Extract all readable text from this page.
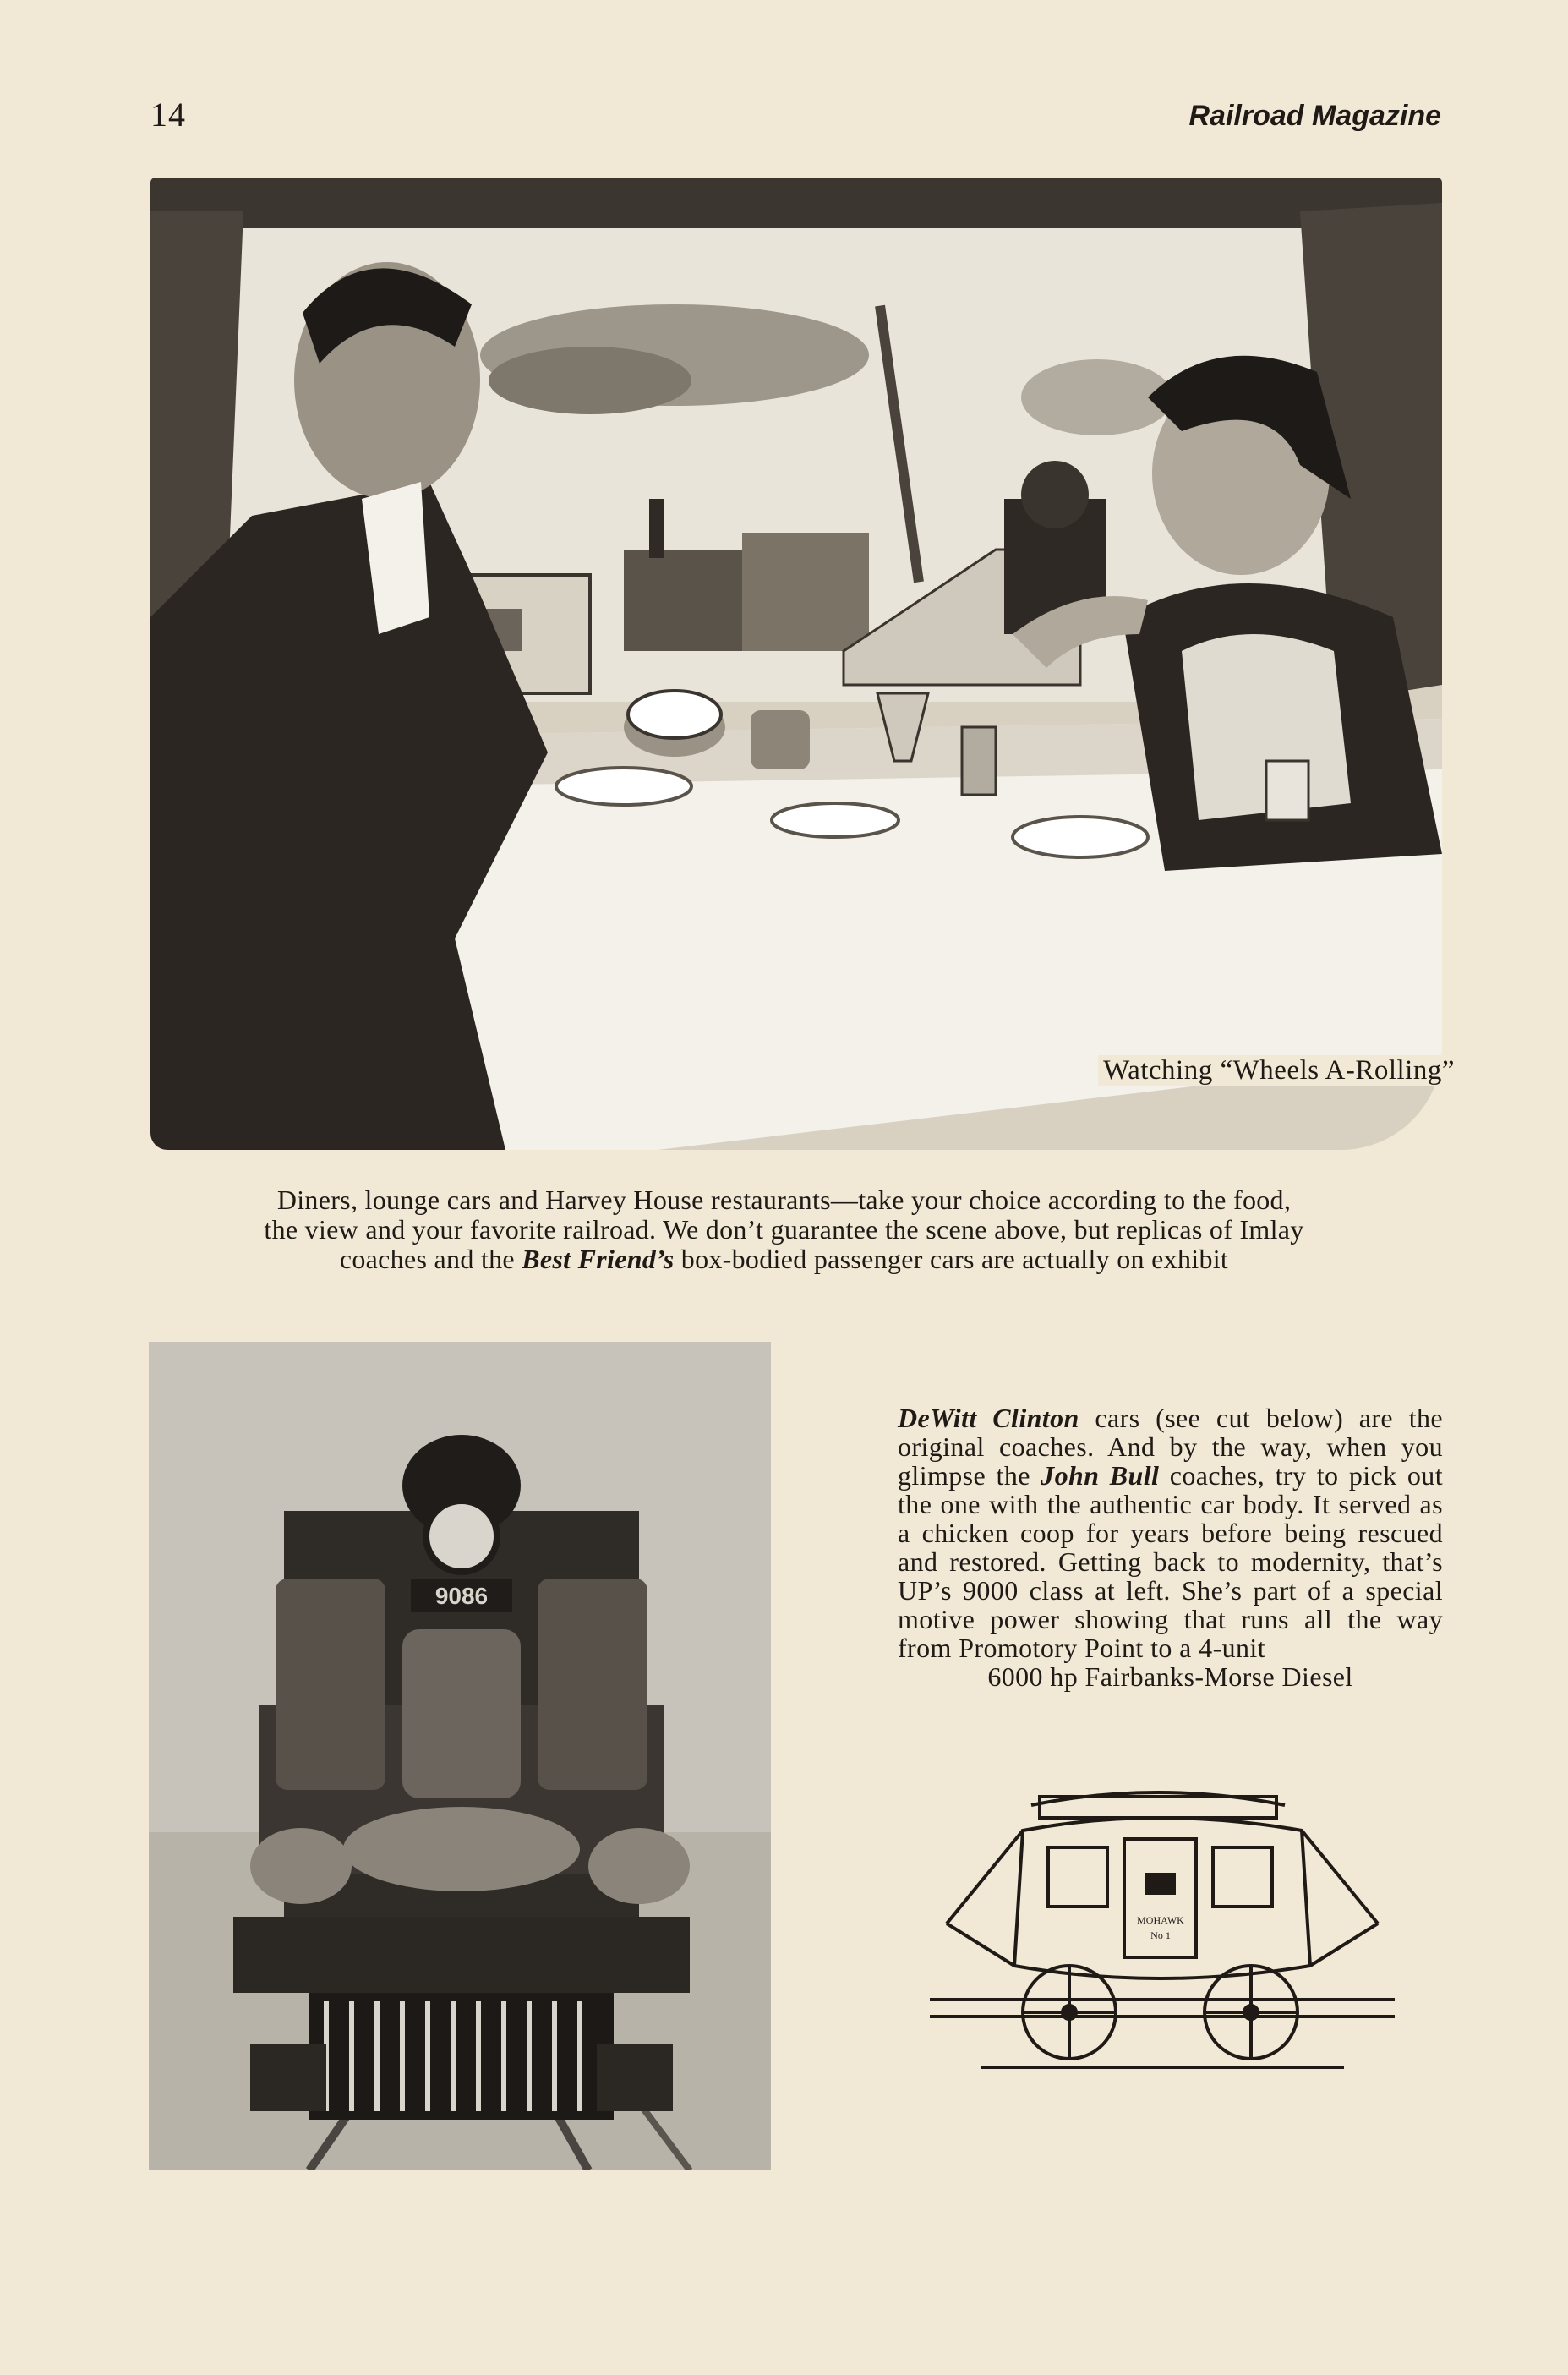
14	Railroad Magazine
Watching “Wheels A-Rolling”

Diners, lounge cars and Harvey House restaurants—take your choice according to the food,

the view and your favorite railroad. We don’t guarantee the scene above, but replicas of Imlay

coaches and the Best Friend’s box-bodied passenger cars are actually on exhibit

9086

DeWitt Clinton cars (see cut below) are the original coaches. And by the way, when you glimpse the John Bull coaches, try to pick out the one with the authentic car body. It served as a chicken coop for years before being rescued and restored. Getting back to modernity, that’s UP’s 9000 class at left. She’s part of a special motive power showing that runs all the way from Promotory Point to a 4-unit

6000 hp Fairbanks-Morse Diesel

MOHAWK
No 1
